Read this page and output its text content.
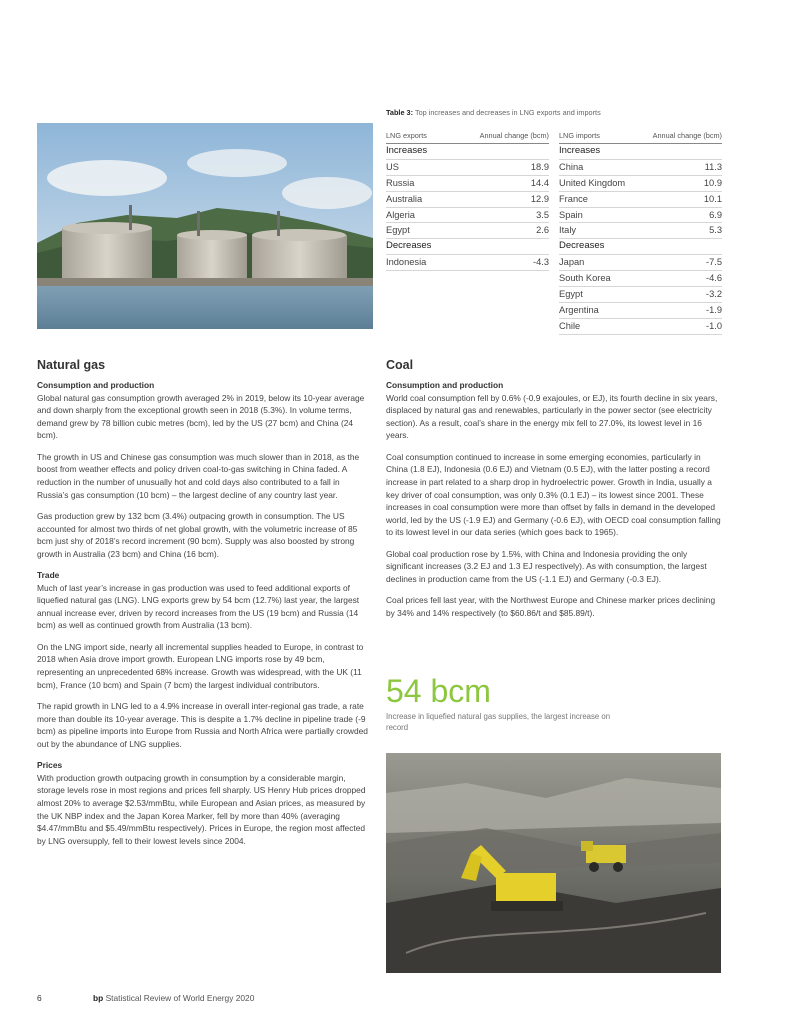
Table 3: Top increases and decreases in LNG exports and imports

LNG exports	Annual change (bcm)
Increases
US	18.9
Russia	14.4
Australia	12.9
Algeria	3.5
Egypt	2.6
Decreases
Indonesia	-4.3
LNG imports	Annual change (bcm)
Increases
China	11.3
United Kingdom	10.9
France	10.1
Spain	6.9
Italy	5.3
Decreases
Japan	-7.5
South Korea	-4.6
Egypt	-3.2
Argentina	-1.9
Chile	-1.0
Natural gas

Consumption and production

Global natural gas consumption growth averaged 2% in 2019, below its 10-year average and down sharply from the exceptional growth seen in 2018 (5.3%). In volume terms, demand grew by 78 billion cubic metres (bcm), led by the US (27 bcm) and China (24 bcm).

The growth in US and Chinese gas consumption was much slower than in 2018, as the boost from weather effects and policy driven coal-to-gas switching in China faded. A reduction in the number of unusually hot and cold days also contributed to a fall in Russia’s gas consumption (10 bcm) – the largest decline of any country last year.

Gas production grew by 132 bcm (3.4%) outpacing growth in consumption. The US accounted for almost two thirds of net global growth, with the volumetric increase of 85 bcm just shy of 2018’s record increment (90 bcm). Supply was also boosted by strong growth in Australia (23 bcm) and China (16 bcm).

Trade

Much of last year’s increase in gas production was used to feed additional exports of liquefied natural gas (LNG). LNG exports grew by 54 bcm (12.7%) last year, the largest annual increase ever, driven by record increases from the US (19 bcm) and Russia (14 bcm) as well as continued growth from Australia (13 bcm).

On the LNG import side, nearly all incremental supplies headed to Europe, in contrast to 2018 when Asia drove import growth. European LNG imports rose by 49 bcm, representing an unprecedented 68% increase. Growth was widespread, with the UK (11 bcm), France (10 bcm) and Spain (7 bcm) the largest individual contributors.

The rapid growth in LNG led to a 4.9% increase in overall inter-regional gas trade, a rate more than double its 10-year average. This is despite a 1.7% decline in pipeline trade (-9 bcm) as pipeline imports into Europe from Russia and North Africa were partially crowded out by the abundance of LNG supplies.

Prices

With production growth outpacing growth in consumption by a considerable margin, storage levels rose in most regions and prices fell sharply. US Henry Hub prices dropped almost 20% to average $2.53/mmBtu, while European and Asian prices, as measured by the UK NBP index and the Japan Korea Marker, fell by more than 40% (averaging $4.47/mmBtu and $5.49/mmBtu respectively). Prices in Europe, the region most affected by LNG oversupply, fell to their lowest levels since 2004.

Coal

Consumption and production

World coal consumption fell by 0.6% (-0.9 exajoules, or EJ), its fourth decline in six years, displaced by natural gas and renewables, particularly in the power sector (see electricity section). As a result, coal’s share in the energy mix fell to 27.0%, its lowest level in 16 years.

Coal consumption continued to increase in some emerging economies, particularly in China (1.8 EJ), Indonesia (0.6 EJ) and Vietnam (0.5 EJ), with the latter posting a record increase in part related to a sharp drop in hydroelectric power. Growth in India, usually a key driver of coal consumption, was only 0.3% (0.1 EJ) – its lowest since 2001. These increases in coal consumption were more than offset by falls in demand in the developed world, led by the US (-1.9 EJ) and Germany (-0.6 EJ), with OECD coal consumption falling to its lowest level in our data series (which goes back to 1965).

Global coal production rose by 1.5%, with China and Indonesia providing the only significant increases (3.2 EJ and 1.3 EJ respectively). As with consumption, the largest declines in production came from the US (-1.1 EJ) and Germany (-0.3 EJ).

Coal prices fell last year, with the Northwest Europe and Chinese marker prices declining by 34% and 14% respectively (to $60.86/t and $85.89/t).

54 bcm
Increase in liquefied natural gas supplies, the largest increase on record
6	bp Statistical Review of World Energy 2020
